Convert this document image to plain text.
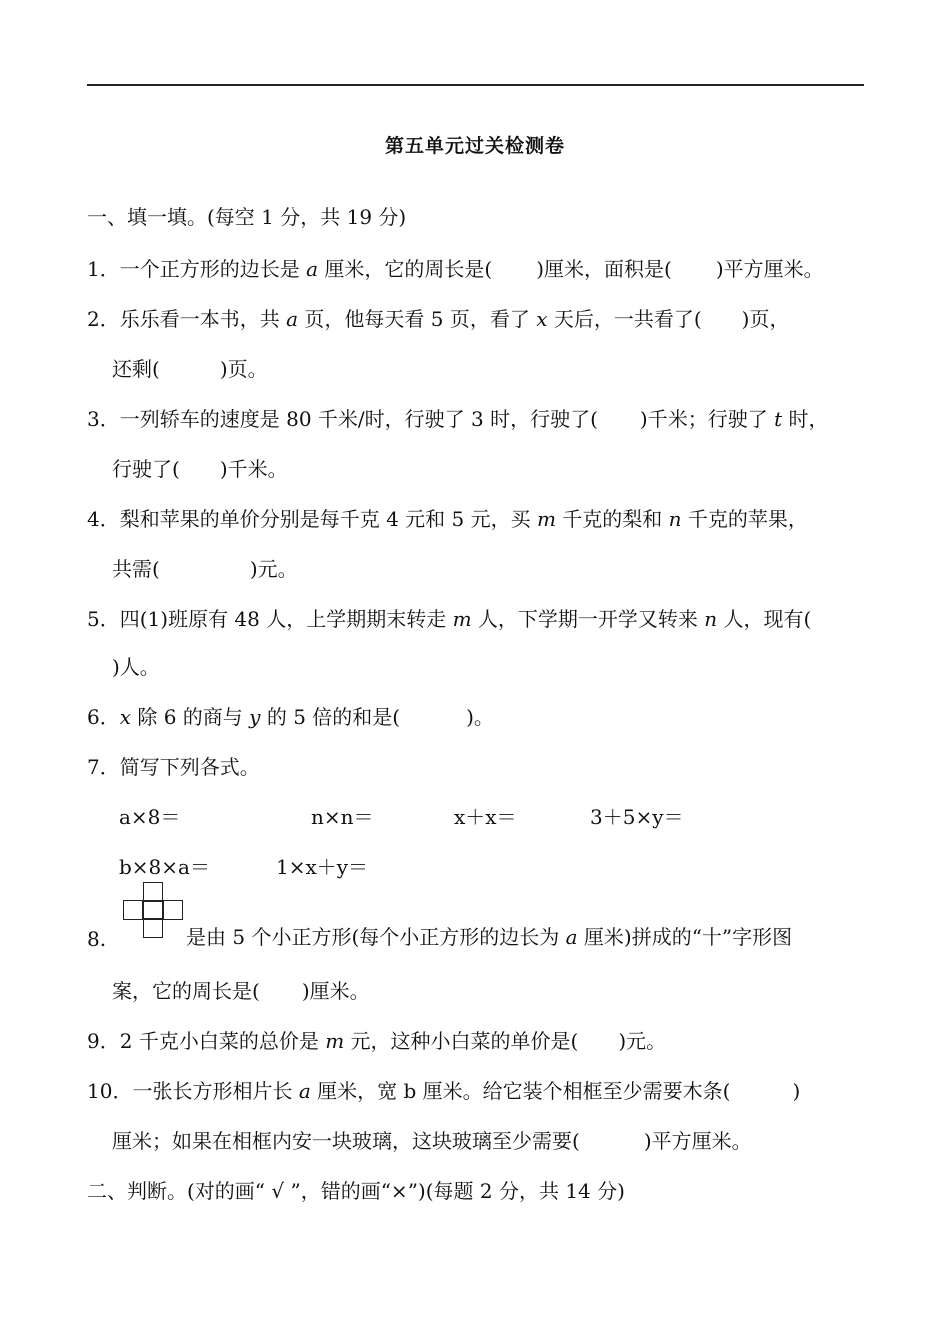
第五单元过关检测卷
一、填一填。(每空 1 分，共 19 分)
1．一个正方形的边长是 a 厘米，它的周长是( )厘米，面积是( )平方厘米。
2．乐乐看一本书，共 a 页，他每天看 5 页，看了 x 天后，一共看了( )页，
还剩(	)页。
3．一列轿车的速度是 80 千米/时，行驶了 3 时，行驶了( )千米；行驶了 t 时，
行驶了( )千米。
4．梨和苹果的单价分别是每千克 4 元和 5 元，买 m 千克的梨和 n 千克的苹果，
共需(	)元。
5．四(1)班原有 48 人，上学期期末转走 m 人，下学期一开学又转来 n 人，现有(
)人。
6．x 除 6 的商与 y 的 5 倍的和是(	)。
7．简写下列各式。
a×8＝	n×n＝	x＋x＝	3＋5×y＝
b×8×a＝	1×x＋y＝
8.	是由 5 个小正方形(每个小正方形的边长为 a 厘米)拼成的“十”字形图
案，它的周长是( )厘米。
9．2 千克小白菜的总价是 m 元，这种小白菜的单价是( )元。
10．一张长方形相片长 a 厘米，宽 b 厘米。给它装个相框至少需要木条(	)
厘米；如果在相框内安一块玻璃，这块玻璃至少需要(	)平方厘米。
二、判断。(对的画“ √ ”，错的画“×”)(每题 2 分，共 14 分)
